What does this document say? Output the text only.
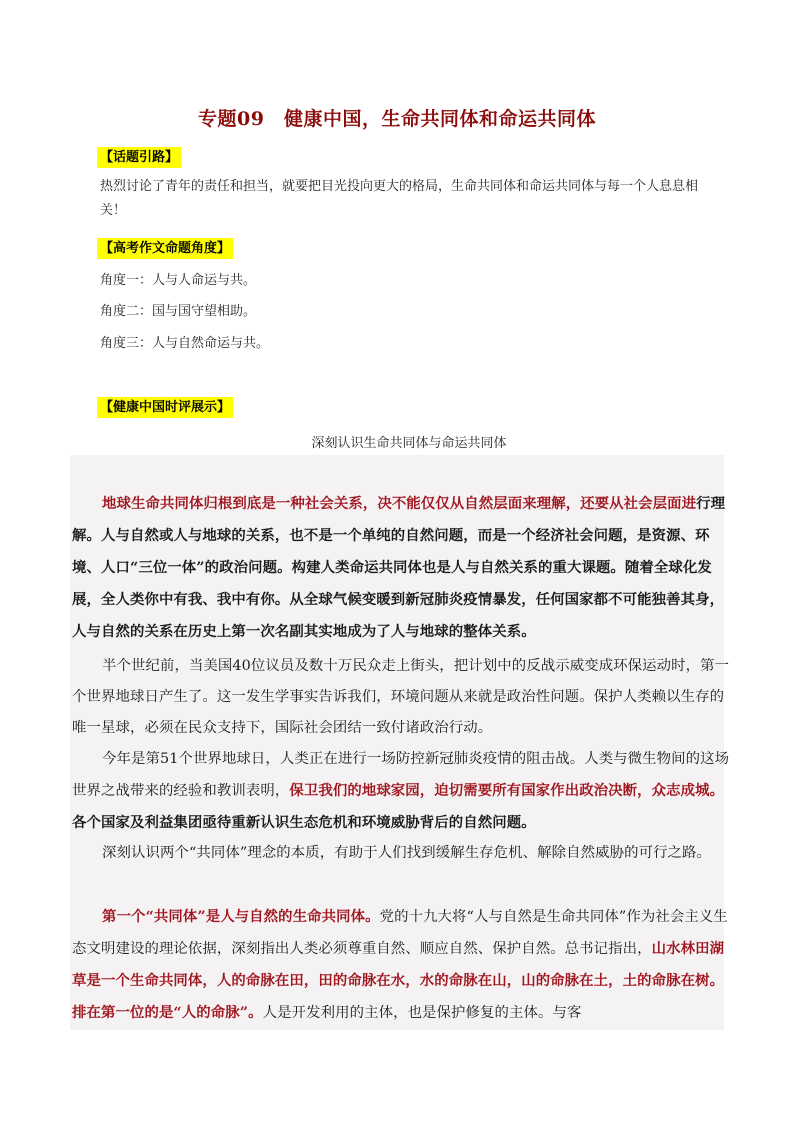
专题09　健康中国，生命共同体和命运共同体
【话题引路】
热烈讨论了青年的责任和担当，就要把目光投向更大的格局，生命共同体和命运共同体与每一个人息息相关！
【高考作文命题角度】
角度一：人与人命运与共。
角度二：国与国守望相助。
角度三：人与自然命运与共。
【健康中国时评展示】
深刻认识生命共同体与命运共同体
地球生命共同体归根到底是一种社会关系，决不能仅仅从自然层面来理解，还要从社会层面进行理解。人与自然或人与地球的关系，也不是一个单纯的自然问题，而是一个经济社会问题，是资源、环境、人口“三位一体”的政治问题。构建人类命运共同体也是人与自然关系的重大课题。随着全球化发展，全人类你中有我、我中有你。从全球气候变暖到新冠肺炎疫情暴发，任何国家都不可能独善其身，人与自然的关系在历史上第一次名副其实地成为了人与地球的整体关系。
半个世纪前，当美国40位议员及数十万民众走上街头，把计划中的反战示威变成环保运动时，第一个世界地球日产生了。这一发生学事实告诉我们，环境问题从来就是政治性问题。保护人类赖以生存的唯一星球，必须在民众支持下，国际社会团结一致付诸政治行动。
今年是第51个世界地球日，人类正在进行一场防控新冠肺炎疫情的阻击战。人类与微生物间的这场世界之战带来的经验和教训表明，保卫我们的地球家园，迫切需要所有国家作出政治决断，众志成城。各个国家及利益集团亟待重新认识生态危机和环境威胁背后的自然问题。
深刻认识两个“共同体”理念的本质，有助于人们找到缓解生存危机、解除自然威胁的可行之路。
第一个“共同体”是人与自然的生命共同体。党的十九大将“人与自然是生命共同体”作为社会主义生态文明建设的理论依据，深刻指出人类必须尊重自然、顺应自然、保护自然。总书记指出，山水林田湖草是一个生命共同体，人的命脉在田，田的命脉在水，水的命脉在山，山的命脉在土，土的命脉在树。排在第一位的是“人的命脉”。人是开发利用的主体，也是保护修复的主体。与客
